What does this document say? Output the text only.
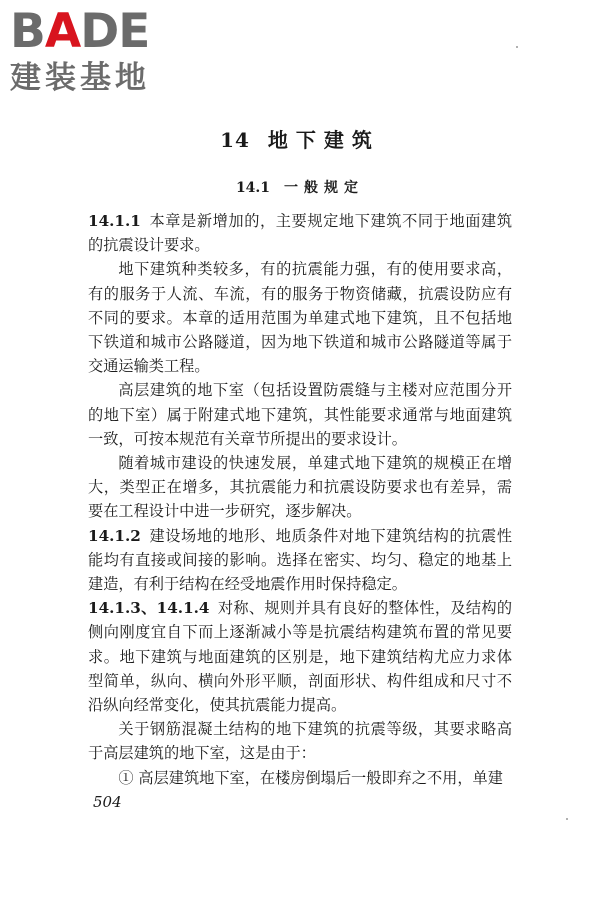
BADE
建装基地
14 地下建筑
14.1 一般规定

14.1.1 本章是新增加的，主要规定地下建筑不同于地面建筑的抗震设计要求。

地下建筑种类较多，有的抗震能力强，有的使用要求高，有的服务于人流、车流，有的服务于物资储藏，抗震设防应有不同的要求。本章的适用范围为单建式地下建筑，且不包括地下铁道和城市公路隧道，因为地下铁道和城市公路隧道等属于交通运输类工程。

高层建筑的地下室（包括设置防震缝与主楼对应范围分开的地下室）属于附建式地下建筑，其性能要求通常与地面建筑一致，可按本规范有关章节所提出的要求设计。

随着城市建设的快速发展，单建式地下建筑的规模正在增大，类型正在增多，其抗震能力和抗震设防要求也有差异，需要在工程设计中进一步研究，逐步解决。

14.1.2 建设场地的地形、地质条件对地下建筑结构的抗震性能均有直接或间接的影响。选择在密实、均匀、稳定的地基上建造，有利于结构在经受地震作用时保持稳定。

14.1.3、14.1.4 对称、规则并具有良好的整体性，及结构的侧向刚度宜自下而上逐渐减小等是抗震结构建筑布置的常见要求。地下建筑与地面建筑的区别是，地下建筑结构尤应力求体型简单，纵向、横向外形平顺，剖面形状、构件组成和尺寸不沿纵向经常变化，使其抗震能力提高。

关于钢筋混凝土结构的地下建筑的抗震等级，其要求略高于高层建筑的地下室，这是由于：

① 高层建筑地下室，在楼房倒塌后一般即弃之不用，单建

504
